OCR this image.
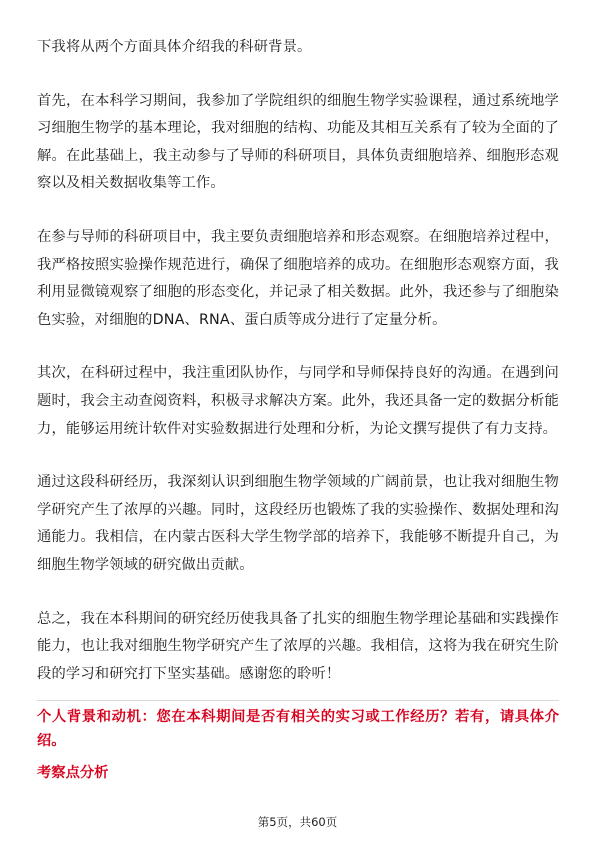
下我将从两个方面具体介绍我的科研背景。

首先，在本科学习期间，我参加了学院组织的细胞生物学实验课程，通过系统地学习细胞生物学的基本理论，我对细胞的结构、功能及其相互关系有了较为全面的了解。在此基础上，我主动参与了导师的科研项目，具体负责细胞培养、细胞形态观察以及相关数据收集等工作。

在参与导师的科研项目中，我主要负责细胞培养和形态观察。在细胞培养过程中，我严格按照实验操作规范进行，确保了细胞培养的成功。在细胞形态观察方面，我利用显微镜观察了细胞的形态变化，并记录了相关数据。此外，我还参与了细胞染色实验，对细胞的DNA、RNA、蛋白质等成分进行了定量分析。

其次，在科研过程中，我注重团队协作，与同学和导师保持良好的沟通。在遇到问题时，我会主动查阅资料，积极寻求解决方案。此外，我还具备一定的数据分析能力，能够运用统计软件对实验数据进行处理和分析，为论文撰写提供了有力支持。

通过这段科研经历，我深刻认识到细胞生物学领域的广阔前景，也让我对细胞生物学研究产生了浓厚的兴趣。同时，这段经历也锻炼了我的实验操作、数据处理和沟通能力。我相信，在内蒙古医科大学生物学部的培养下，我能够不断提升自己，为细胞生物学领域的研究做出贡献。

总之，我在本科期间的研究经历使我具备了扎实的细胞生物学理论基础和实践操作能力，也让我对细胞生物学研究产生了浓厚的兴趣。我相信，这将为我在研究生阶段的学习和研究打下坚实基础。感谢您的聆听！

个人背景和动机：您在本科期间是否有相关的实习或工作经历？若有，请具体介绍。

考察点分析

第5页，共60页
